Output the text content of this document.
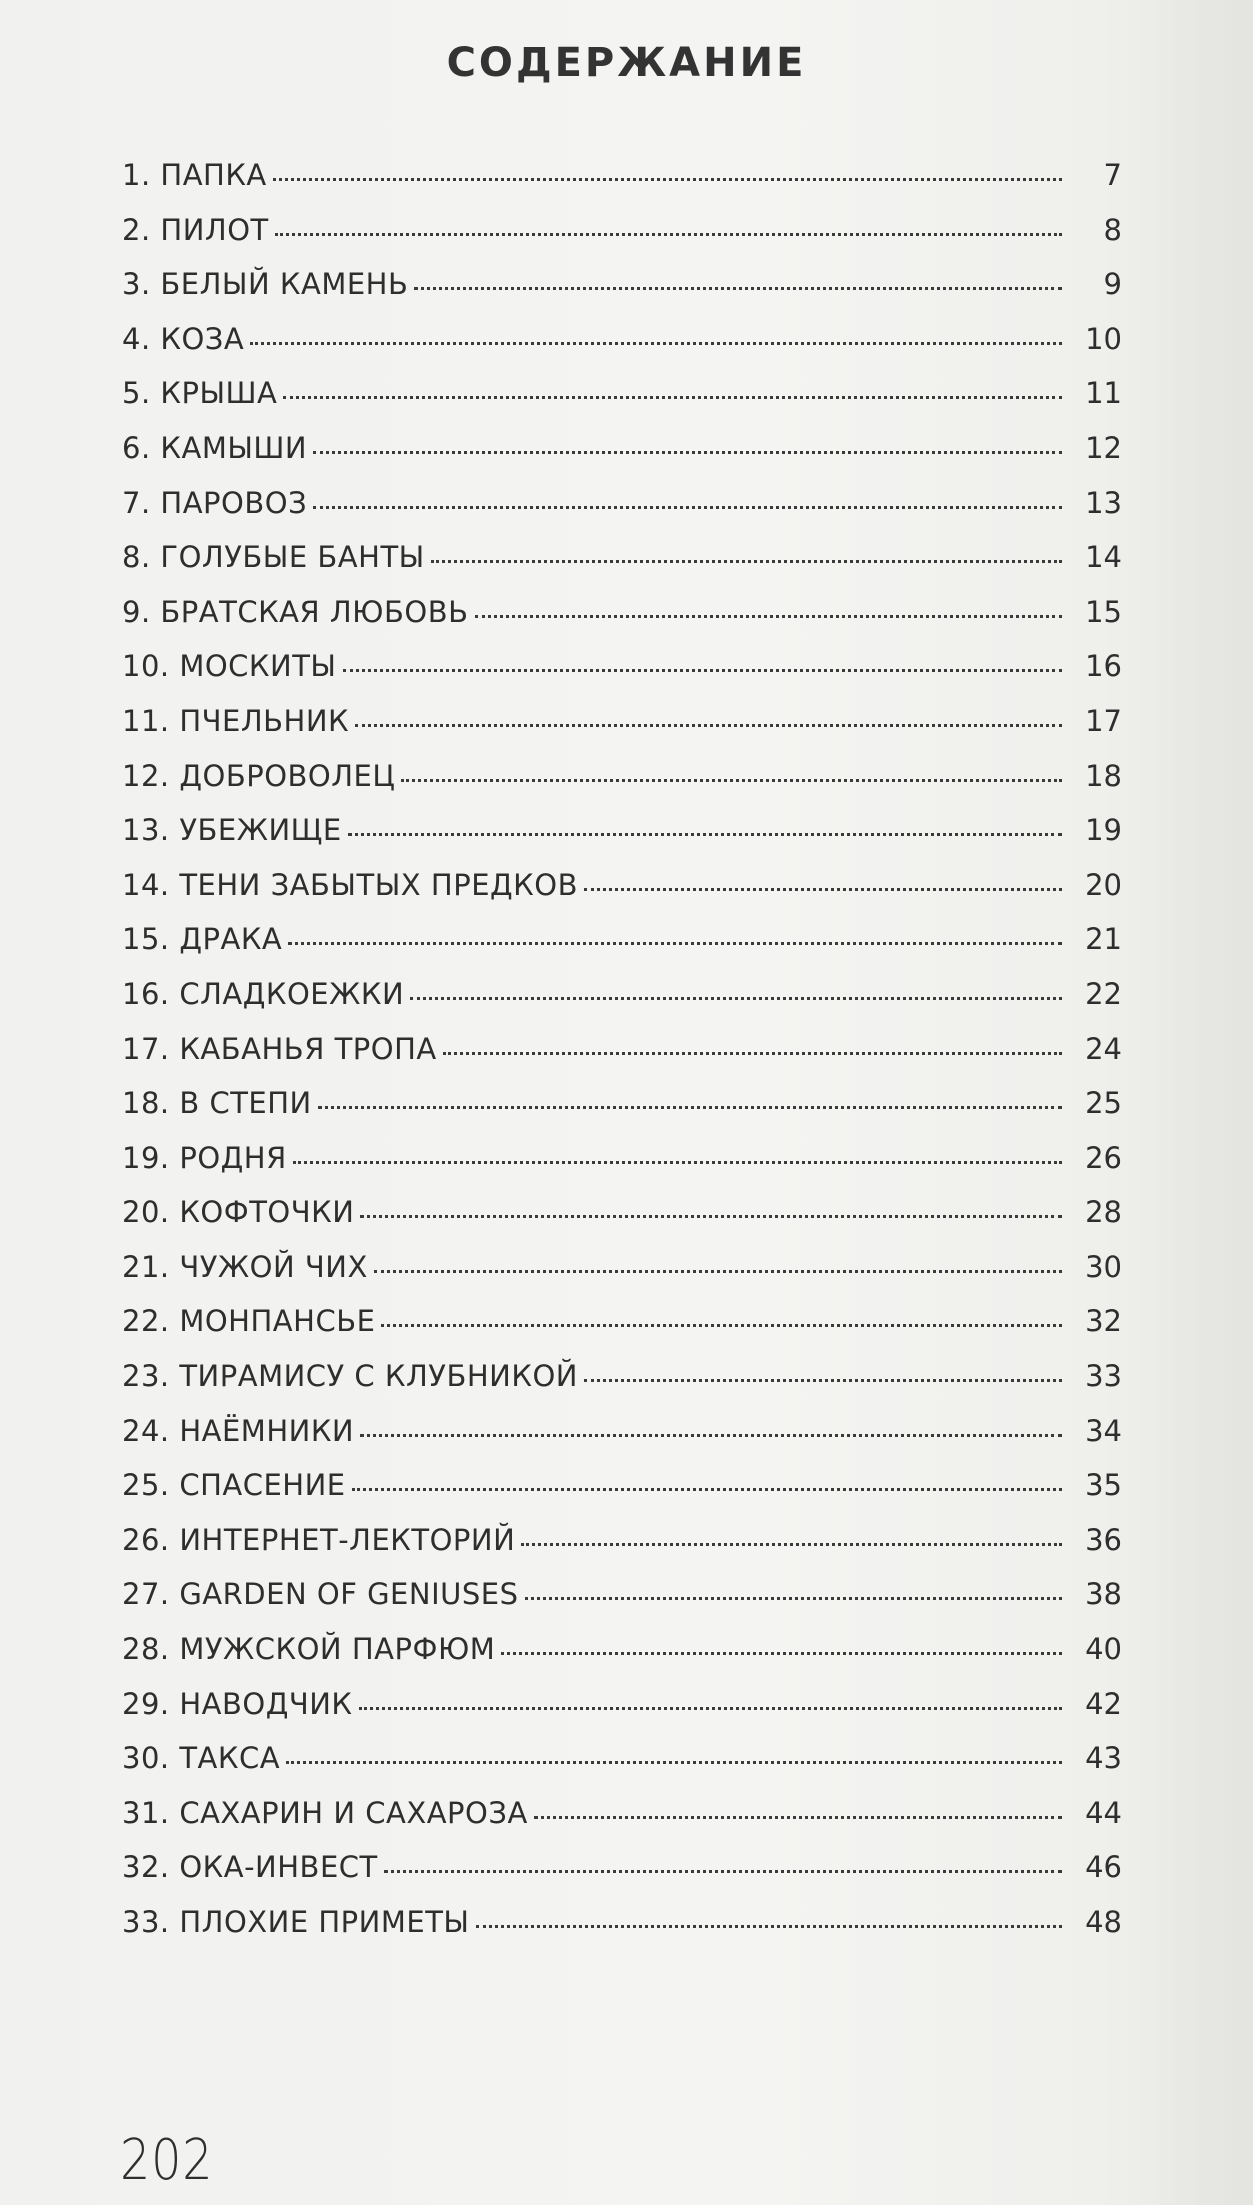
СОДЕРЖАНИЕ
1. ПАПКА	7
2. ПИЛОТ	8
3. БЕЛЫЙ КАМЕНЬ	9
4. КОЗА	10
5. КРЫША	11
6. КАМЫШИ	12
7. ПАРОВОЗ	13
8. ГОЛУБЫЕ БАНТЫ	14
9. БРАТСКАЯ ЛЮБОВЬ	15
10. МОСКИТЫ	16
11. ПЧЕЛЬНИК	17
12. ДОБРОВОЛЕЦ	18
13. УБЕЖИЩЕ	19
14. ТЕНИ ЗАБЫТЫХ ПРЕДКОВ	20
15. ДРАКА	21
16. СЛАДКОЕЖКИ	22
17. КАБАНЬЯ ТРОПА	24
18. В СТЕПИ	25
19. РОДНЯ	26
20. КОФТОЧКИ	28
21. ЧУЖОЙ ЧИХ	30
22. МОНПАНСЬЕ	32
23. ТИРАМИСУ С КЛУБНИКОЙ	33
24. НАЁМНИКИ	34
25. СПАСЕНИЕ	35
26. ИНТЕРНЕТ-ЛЕКТОРИЙ	36
27. GARDEN OF GENIUSES	38
28. МУЖСКОЙ ПАРФЮМ	40
29. НАВОДЧИК	42
30. ТАКСА	43
31. САХАРИН И САХАРОЗА	44
32. ОКА-ИНВЕСТ	46
33. ПЛОХИЕ ПРИМЕТЫ	48
202
